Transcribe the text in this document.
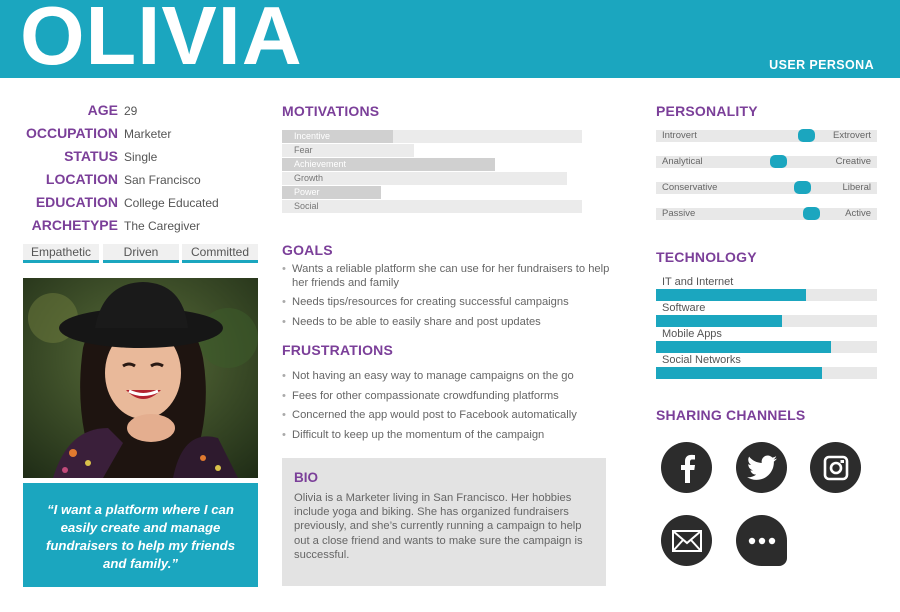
OLIVIA	USER PERSONA
AGE 29
OCCUPATION Marketer
STATUS Single
LOCATION San Francisco
EDUCATION College Educated
ARCHETYPE The Caregiver
Empathetic	Driven	Committed
“I want a platform where I can easily create and manage fundraisers to help my friends and family.”
MOTIVATIONS
Incentive
Fear
Achievement
Growth
Power
Social
GOALS
• Wants a reliable platform she can use for her fundraisers to help her friends and family
• Needs tips/resources for creating successful campaigns
• Needs to be able to easily share and post updates
FRUSTRATIONS
• Not having an easy way to manage campaigns on the go
• Fees for other compassionate crowdfunding platforms
• Concerned the app would post to Facebook automatically
• Difficult to keep up the momentum of the campaign
BIO
Olivia is a Marketer living in San Francisco. Her hobbies include yoga and biking. She has organized fundraisers previously, and she’s currently running a campaign to help out a close friend and wants to make sure the campaign is successful.
PERSONALITY
Introvert	Extrovert
Analytical	Creative
Conservative	Liberal
Passive	Active
TECHNOLOGY
IT and Internet
Software
Mobile Apps
Social Networks
SHARING CHANNELS
